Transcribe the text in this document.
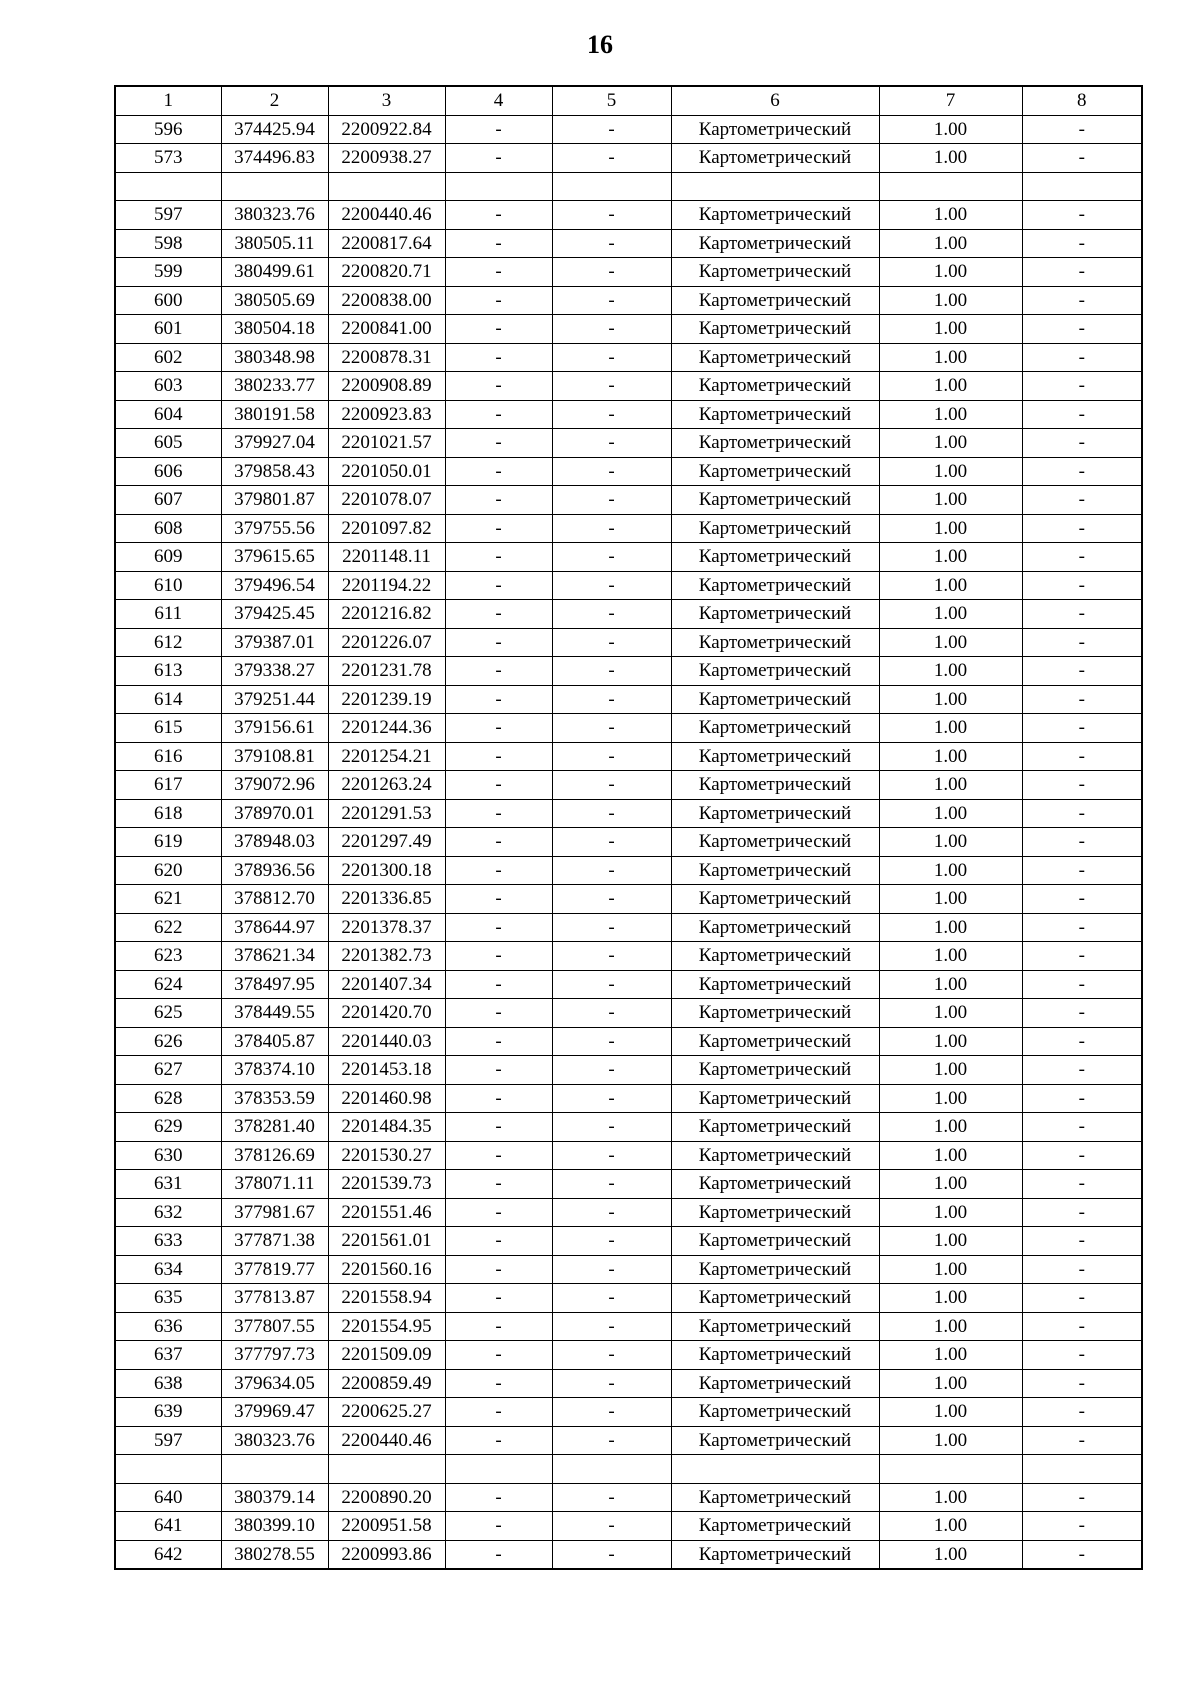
16
1	2	3	4	5	6	7	8
596	374425.94	2200922.84	-	-	Картометрический	1.00	-
573	374496.83	2200938.27	-	-	Картометрический	1.00	-

597	380323.76	2200440.46	-	-	Картометрический	1.00	-
598	380505.11	2200817.64	-	-	Картометрический	1.00	-
599	380499.61	2200820.71	-	-	Картометрический	1.00	-
600	380505.69	2200838.00	-	-	Картометрический	1.00	-
601	380504.18	2200841.00	-	-	Картометрический	1.00	-
602	380348.98	2200878.31	-	-	Картометрический	1.00	-
603	380233.77	2200908.89	-	-	Картометрический	1.00	-
604	380191.58	2200923.83	-	-	Картометрический	1.00	-
605	379927.04	2201021.57	-	-	Картометрический	1.00	-
606	379858.43	2201050.01	-	-	Картометрический	1.00	-
607	379801.87	2201078.07	-	-	Картометрический	1.00	-
608	379755.56	2201097.82	-	-	Картометрический	1.00	-
609	379615.65	2201148.11	-	-	Картометрический	1.00	-
610	379496.54	2201194.22	-	-	Картометрический	1.00	-
611	379425.45	2201216.82	-	-	Картометрический	1.00	-
612	379387.01	2201226.07	-	-	Картометрический	1.00	-
613	379338.27	2201231.78	-	-	Картометрический	1.00	-
614	379251.44	2201239.19	-	-	Картометрический	1.00	-
615	379156.61	2201244.36	-	-	Картометрический	1.00	-
616	379108.81	2201254.21	-	-	Картометрический	1.00	-
617	379072.96	2201263.24	-	-	Картометрический	1.00	-
618	378970.01	2201291.53	-	-	Картометрический	1.00	-
619	378948.03	2201297.49	-	-	Картометрический	1.00	-
620	378936.56	2201300.18	-	-	Картометрический	1.00	-
621	378812.70	2201336.85	-	-	Картометрический	1.00	-
622	378644.97	2201378.37	-	-	Картометрический	1.00	-
623	378621.34	2201382.73	-	-	Картометрический	1.00	-
624	378497.95	2201407.34	-	-	Картометрический	1.00	-
625	378449.55	2201420.70	-	-	Картометрический	1.00	-
626	378405.87	2201440.03	-	-	Картометрический	1.00	-
627	378374.10	2201453.18	-	-	Картометрический	1.00	-
628	378353.59	2201460.98	-	-	Картометрический	1.00	-
629	378281.40	2201484.35	-	-	Картометрический	1.00	-
630	378126.69	2201530.27	-	-	Картометрический	1.00	-
631	378071.11	2201539.73	-	-	Картометрический	1.00	-
632	377981.67	2201551.46	-	-	Картометрический	1.00	-
633	377871.38	2201561.01	-	-	Картометрический	1.00	-
634	377819.77	2201560.16	-	-	Картометрический	1.00	-
635	377813.87	2201558.94	-	-	Картометрический	1.00	-
636	377807.55	2201554.95	-	-	Картометрический	1.00	-
637	377797.73	2201509.09	-	-	Картометрический	1.00	-
638	379634.05	2200859.49	-	-	Картометрический	1.00	-
639	379969.47	2200625.27	-	-	Картометрический	1.00	-
597	380323.76	2200440.46	-	-	Картометрический	1.00	-

640	380379.14	2200890.20	-	-	Картометрический	1.00	-
641	380399.10	2200951.58	-	-	Картометрический	1.00	-
642	380278.55	2200993.86	-	-	Картометрический	1.00	-
